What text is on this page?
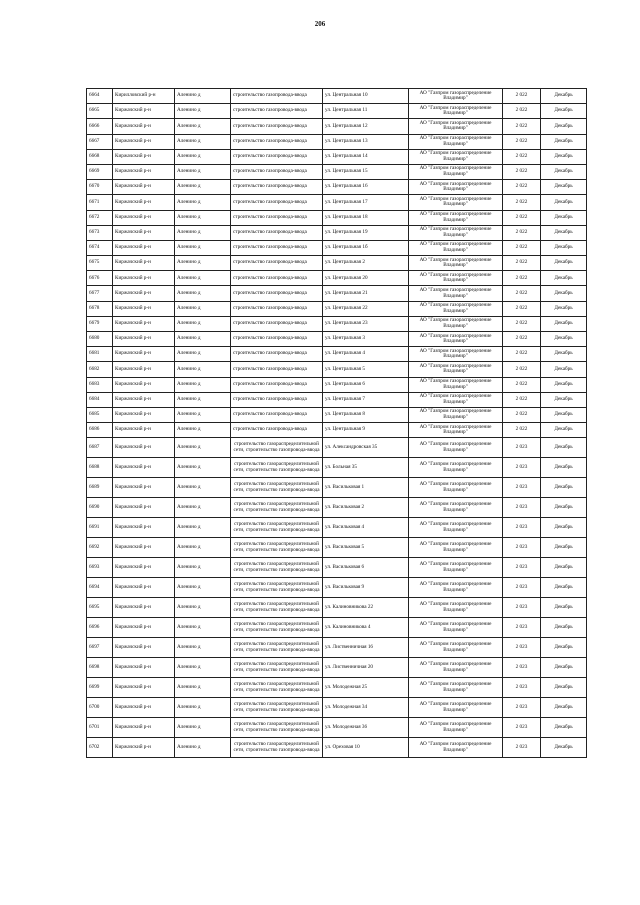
206
6664	Кирилловский р-н	Аленино д	строительство газопровода-ввода	ул. Центральная 10	АО "Газпром газораспределение Владимир"	2 022	Декабрь
6665	Киржачский р-н	Аленино д	строительство газопровода-ввода	ул. Центральная 11	АО "Газпром газораспределение Владимир"	2 022	Декабрь
6666	Киржачский р-н	Аленино д	строительство газопровода-ввода	ул. Центральная 12	АО "Газпром газораспределение Владимир"	2 022	Декабрь
6667	Киржачский р-н	Аленино д	строительство газопровода-ввода	ул. Центральная 13	АО "Газпром газораспределение Владимир"	2 022	Декабрь
6668	Киржачский р-н	Аленино д	строительство газопровода-ввода	ул. Центральная 14	АО "Газпром газораспределение Владимир"	2 022	Декабрь
6669	Киржачский р-н	Аленино д	строительство газопровода-ввода	ул. Центральная 15	АО "Газпром газораспределение Владимир"	2 022	Декабрь
6670	Киржачский р-н	Аленино д	строительство газопровода-ввода	ул. Центральная 16	АО "Газпром газораспределение Владимир"	2 022	Декабрь
6671	Киржачский р-н	Аленино д	строительство газопровода-ввода	ул. Центральная 17	АО "Газпром газораспределение Владимир"	2 022	Декабрь
6672	Киржачский р-н	Аленино д	строительство газопровода-ввода	ул. Центральная 18	АО "Газпром газораспределение Владимир"	2 022	Декабрь
6673	Киржачский р-н	Аленино д	строительство газопровода-ввода	ул. Центральная 19	АО "Газпром газораспределение Владимир"	2 022	Декабрь
6674	Киржачский р-н	Аленино д	строительство газопровода-ввода	ул. Центральная 1б	АО "Газпром газораспределение Владимир"	2 022	Декабрь
6675	Киржачский р-н	Аленино д	строительство газопровода-ввода	ул. Центральная 2	АО "Газпром газораспределение Владимир"	2 022	Декабрь
6676	Киржачский р-н	Аленино д	строительство газопровода-ввода	ул. Центральная 20	АО "Газпром газораспределение Владимир"	2 022	Декабрь
6677	Киржачский р-н	Аленино д	строительство газопровода-ввода	ул. Центральная 21	АО "Газпром газораспределение Владимир"	2 022	Декабрь
6678	Киржачский р-н	Аленино д	строительство газопровода-ввода	ул. Центральная 22	АО "Газпром газораспределение Владимир"	2 022	Декабрь
6679	Киржачский р-н	Аленино д	строительство газопровода-ввода	ул. Центральная 23	АО "Газпром газораспределение Владимир"	2 022	Декабрь
6680	Киржачский р-н	Аленино д	строительство газопровода-ввода	ул. Центральная 3	АО "Газпром газораспределение Владимир"	2 022	Декабрь
6681	Киржачский р-н	Аленино д	строительство газопровода-ввода	ул. Центральная 4	АО "Газпром газораспределение Владимир"	2 022	Декабрь
6682	Киржачский р-н	Аленино д	строительство газопровода-ввода	ул. Центральная 5	АО "Газпром газораспределение Владимир"	2 022	Декабрь
6683	Киржачский р-н	Аленино д	строительство газопровода-ввода	ул. Центральная 6	АО "Газпром газораспределение Владимир"	2 022	Декабрь
6684	Киржачский р-н	Аленино д	строительство газопровода-ввода	ул. Центральная 7	АО "Газпром газораспределение Владимир"	2 022	Декабрь
6685	Киржачский р-н	Аленино д	строительство газопровода-ввода	ул. Центральная 8	АО "Газпром газораспределение Владимир"	2 022	Декабрь
6686	Киржачский р-н	Аленино д	строительство газопровода-ввода	ул. Центральная 9	АО "Газпром газораспределение Владимир"	2 022	Декабрь
6687	Киржачский р-н	Аленино д	строительство газораспределительной сети, строительство газопровода-ввода	ул. Александровская 35	АО "Газпром газораспределение Владимир"	2 023	Декабрь
6688	Киржачский р-н	Аленино д	строительство газораспределительной сети, строительство газопровода-ввода	ул. Больная 35	АО "Газпром газораспределение Владимир"	2 023	Декабрь
6689	Киржачский р-н	Аленино д	строительство газораспределительной сети, строительство газопровода-ввода	ул. Васильковая 1	АО "Газпром газораспределение Владимир"	2 023	Декабрь
6690	Киржачский р-н	Аленино д	строительство газораспределительной сети, строительство газопровода-ввода	ул. Васильковая 2	АО "Газпром газораспределение Владимир"	2 023	Декабрь
6691	Киржачский р-н	Аленино д	строительство газораспределительной сети, строительство газопровода-ввода	ул. Васильковая 4	АО "Газпром газораспределение Владимир"	2 023	Декабрь
6692	Киржачский р-н	Аленино д	строительство газораспределительной сети, строительство газопровода-ввода	ул. Васильковая 5	АО "Газпром газораспределение Владимир"	2 023	Декабрь
6693	Киржачский р-н	Аленино д	строительство газораспределительной сети, строительство газопровода-ввода	ул. Васильковая 6	АО "Газпром газораспределение Владимир"	2 023	Декабрь
6694	Киржачский р-н	Аленино д	строительство газораспределительной сети, строительство газопровода-ввода	ул. Васильковая 9	АО "Газпром газораспределение Владимир"	2 023	Декабрь
6695	Киржачский р-н	Аленино д	строительство газораспределительной сети, строительство газопровода-ввода	ул. Калиновникова 22	АО "Газпром газораспределение Владимир"	2 023	Декабрь
6696	Киржачский р-н	Аленино д	строительство газораспределительной сети, строительство газопровода-ввода	ул. Калиновникова 4	АО "Газпром газораспределение Владимир"	2 023	Декабрь
6697	Киржачский р-н	Аленино д	строительство газораспределительной сети, строительство газопровода-ввода	ул. Лиственничная 16	АО "Газпром газораспределение Владимир"	2 023	Декабрь
6698	Киржачский р-н	Аленино д	строительство газораспределительной сети, строительство газопровода-ввода	ул. Лиственничная 20	АО "Газпром газораспределение Владимир"	2 023	Декабрь
6699	Киржачский р-н	Аленино д	строительство газораспределительной сети, строительство газопровода-ввода	ул. Молодежная 25	АО "Газпром газораспределение Владимир"	2 023	Декабрь
6700	Киржачский р-н	Аленино д	строительство газораспределительной сети, строительство газопровода-ввода	ул. Молодежная 34	АО "Газпром газораспределение Владимир"	2 023	Декабрь
6701	Киржачский р-н	Аленино д	строительство газораспределительной сети, строительство газопровода-ввода	ул. Молодежная 36	АО "Газпром газораспределение Владимир"	2 023	Декабрь
6702	Киржачский р-н	Аленино д	строительство газораспределительной сети, строительство газопровода-ввода	ул. Ореховая 10	АО "Газпром газораспределение Владимир"	2 023	Декабрь
